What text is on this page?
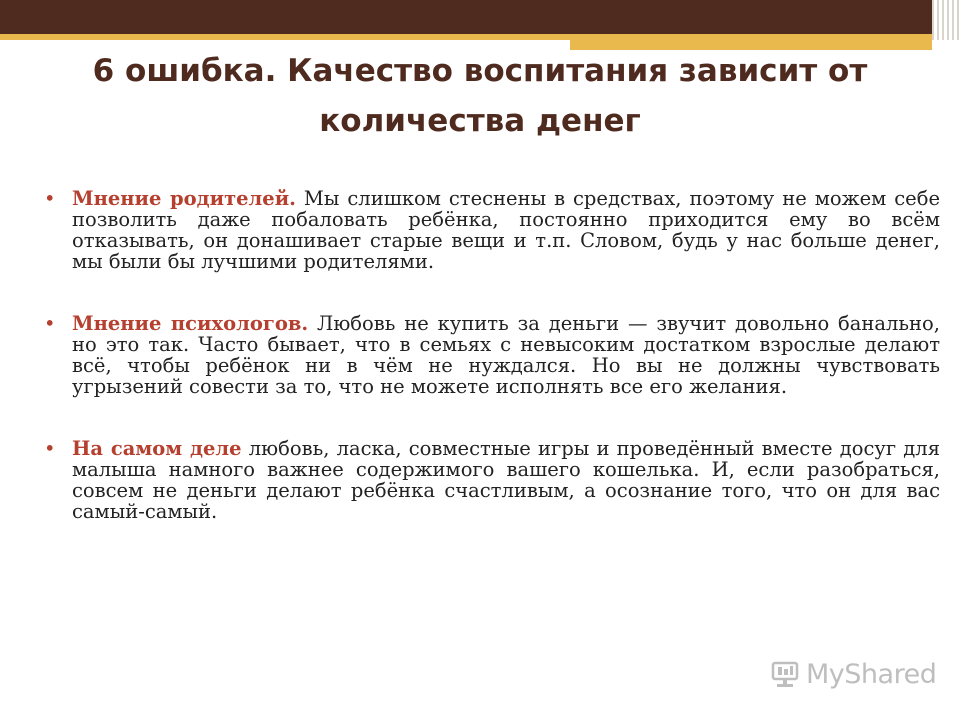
6 ошибка. Качество воспитания зависит от количества денег
• Мнение родителей. Мы слишком стеснены в средствах, поэтому не можем себе позволить даже побаловать ребёнка, постоянно приходится ему во всём отказывать, он донашивает старые вещи и т.п. Словом, будь у нас больше денег, мы были бы лучшими родителями.
• Мнение психологов. Любовь не купить за деньги — звучит довольно банально, но это так. Часто бывает, что в семьях с невысоким достатком взрослые делают всё, чтобы ребёнок ни в чём не нуждался. Но вы не должны чувствовать угрызений совести за то, что не можете исполнять все его желания.
• На самом деле любовь, ласка, совместные игры и проведённый вместе досуг для малыша намного важнее содержимого вашего кошелька. И, если разобраться, совсем не деньги делают ребёнка счастливым, а осознание того, что он для вас самый-самый.
MyShared
